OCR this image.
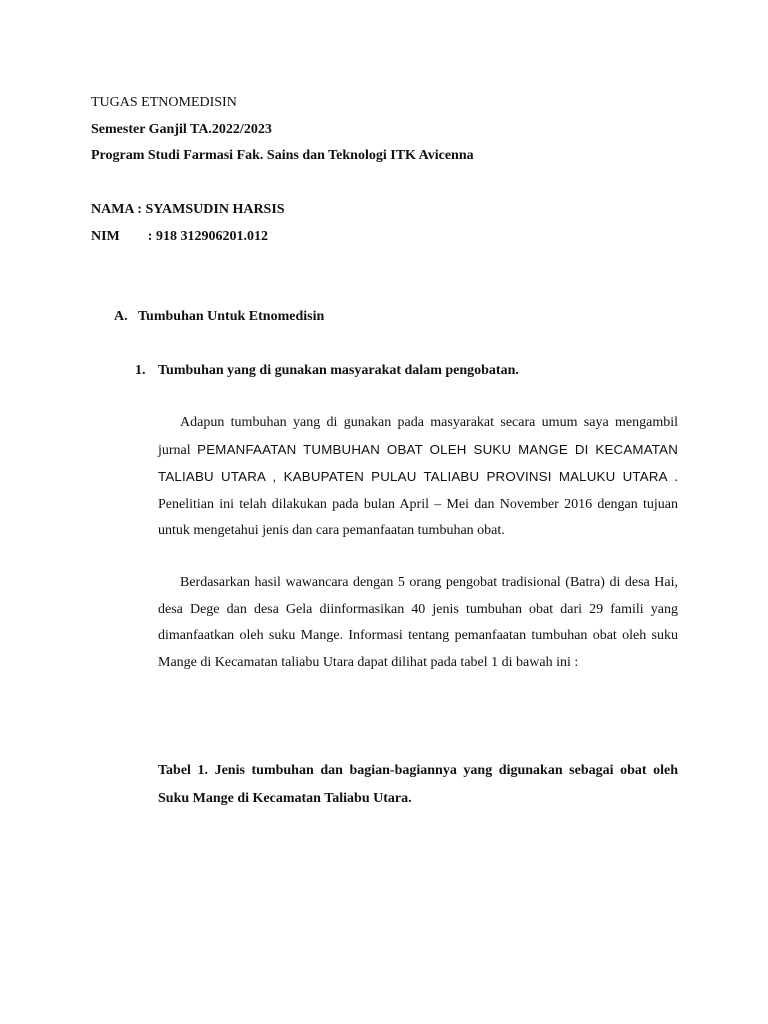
TUGAS ETNOMEDISIN
Semester Ganjil TA.2022/2023
Program Studi Farmasi Fak. Sains dan Teknologi ITK Avicenna
NAMA : SYAMSUDIN HARSIS
NIM : 918 312906201.012
A. Tumbuhan Untuk Etnomedisin
1. Tumbuhan yang di gunakan masyarakat dalam pengobatan.
Adapun tumbuhan yang di gunakan pada masyarakat secara umum saya mengambil jurnal PEMANFAATAN TUMBUHAN OBAT OLEH SUKU MANGE DI KECAMATAN TALIABU UTARA , KABUPATEN PULAU TALIABU PROVINSI MALUKU UTARA . Penelitian ini telah dilakukan pada bulan April – Mei dan November 2016 dengan tujuan untuk mengetahui jenis dan cara pemanfaatan tumbuhan obat.
Berdasarkan hasil wawancara dengan 5 orang pengobat tradisional (Batra) di desa Hai, desa Dege dan desa Gela diinformasikan 40 jenis tumbuhan obat dari 29 famili yang dimanfaatkan oleh suku Mange. Informasi tentang pemanfaatan tumbuhan obat oleh suku Mange di Kecamatan taliabu Utara dapat dilihat pada tabel 1 di bawah ini :
Tabel 1. Jenis tumbuhan dan bagian-bagiannya yang digunakan sebagai obat oleh Suku Mange di Kecamatan Taliabu Utara.
